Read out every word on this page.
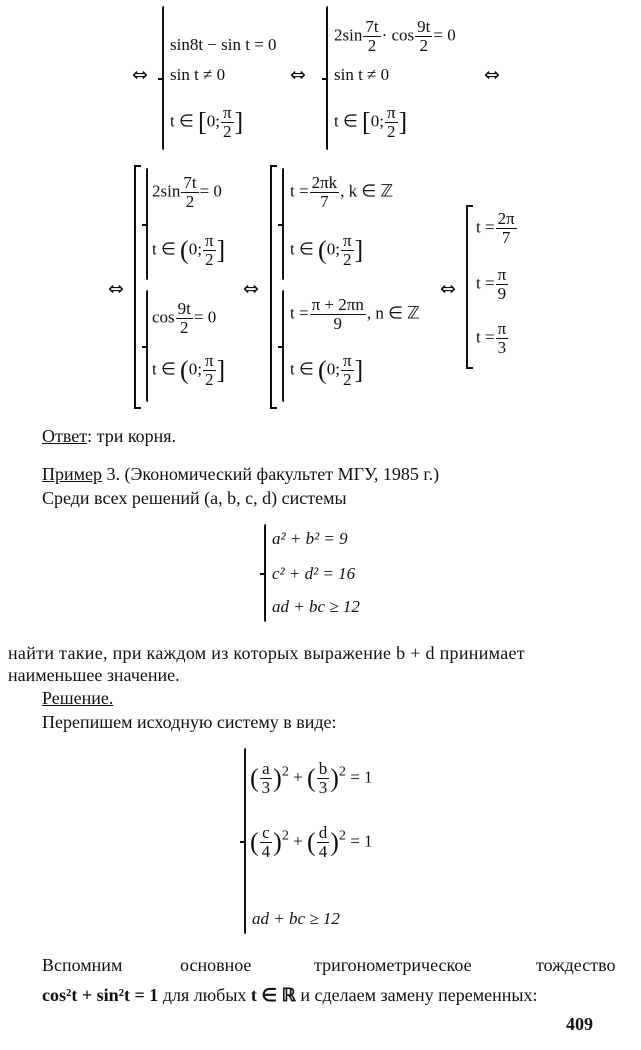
⇔
sin8t − sin t = 0
sin t ≠ 0
t ∈ [0; $\frac{\pi}{2}$ ]
⇔
$2\sin \frac{7t}{2} \cdot \cos \frac{9t}{2} = 0$
sin t ≠ 0
t ∈ [0; $\frac{\pi}{2}$ ]
⇔
⇔
$2\sin \frac{7t}{2} = 0$
t ∈ (0; $\frac{\pi}{2}$ ]
$\cos \frac{9t}{2} = 0$
t ∈ (0; $\frac{\pi}{2}$ ]
⇔
$t = \frac{2\pi k}{7}$ , k ∈ ℤ
t ∈ (0; $\frac{\pi}{2}$ ]
$t = \frac{\pi + 2\pi n}{9}$ , n ∈ ℤ
t ∈ (0; $\frac{\pi}{2}$ ]
⇔
$t = \frac{2\pi}{7}$
$t = \frac{\pi}{9}$
$t = \frac{\pi}{3}$
Ответ: три корня.
Пример 3. (Экономический факультет МГУ, 1985 г.)
Среди всех решений (a, b, c, d) системы
a² + b² = 9
c² + d² = 16
ad + bc ≥ 12
найти такие, при каждом из которых выражение b + d принимает
наименьшее значение.
Решение.
Перепишем исходную систему в виде:
( $\frac{a}{3} )^2$ + ( $\frac{b}{3} )^2 = 1$
( $\frac{c}{4} )^2$ + ( $\frac{d}{4} )^2 = 1$
ad + bc ≥ 12
Вспомним	основное	тригонометрическое	тождество
cos²t + sin²t = 1 для любых t ∈ ℝ и сделаем замену переменных:
409
